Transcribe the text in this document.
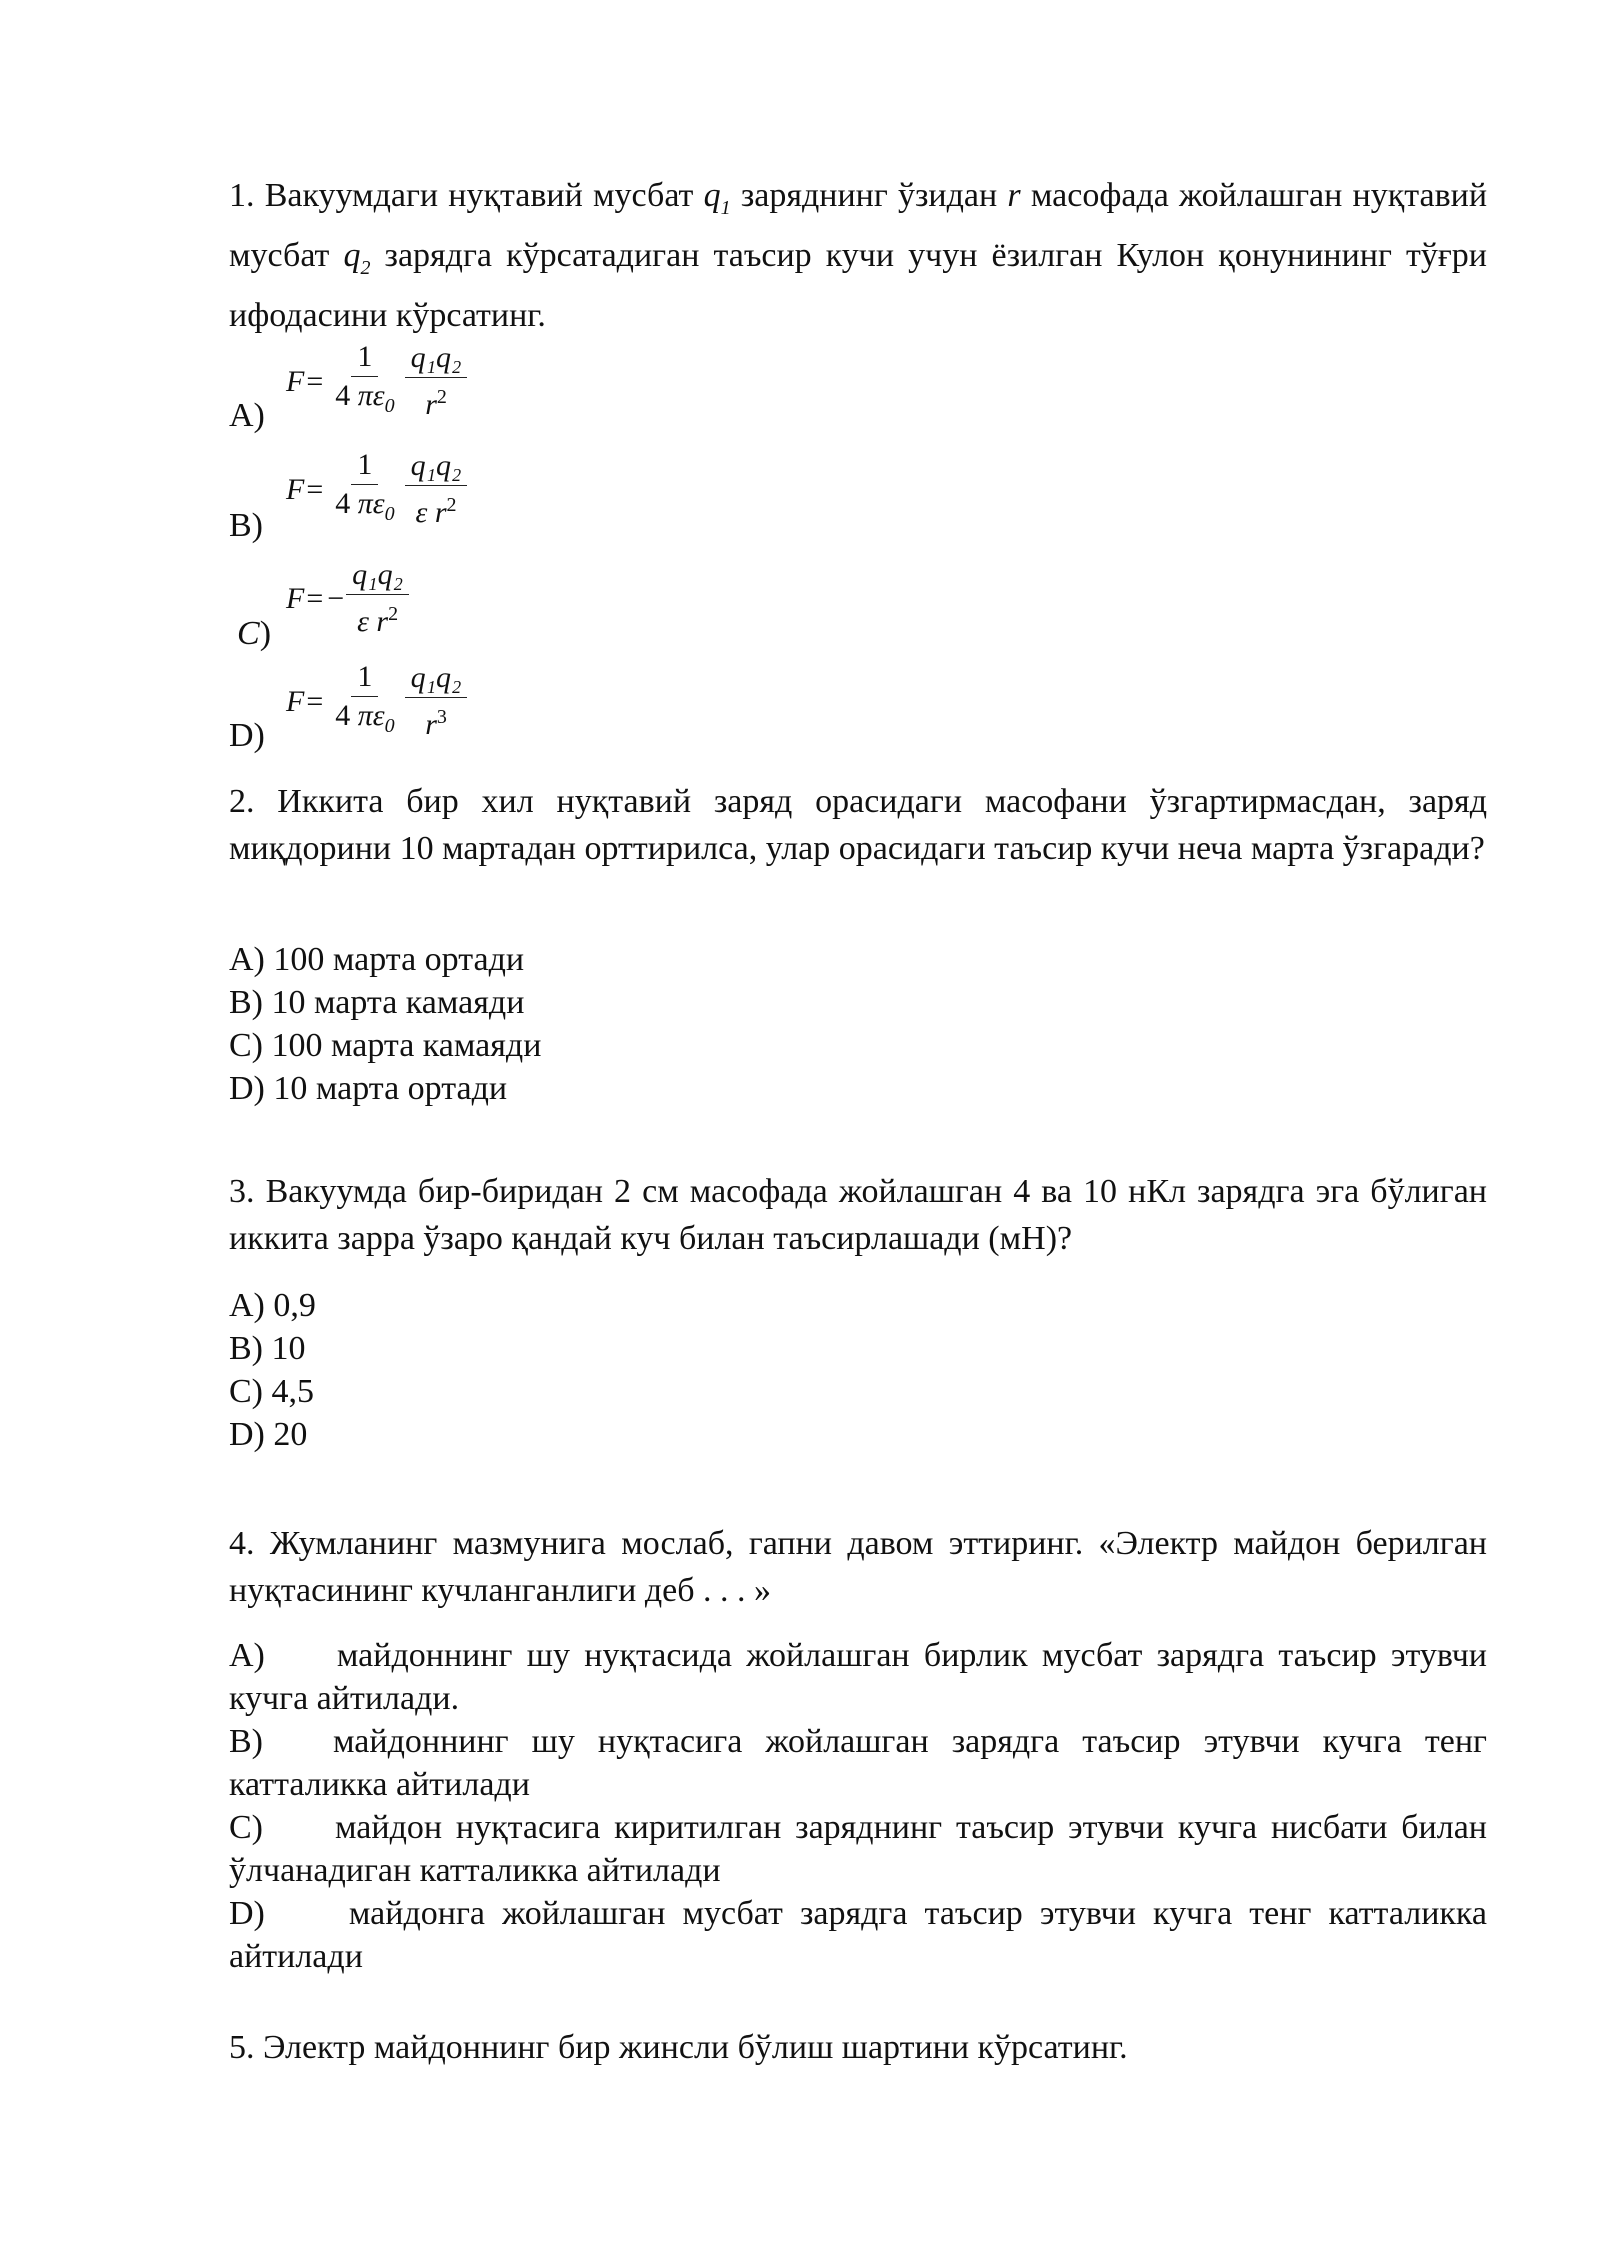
1. Вакуумдаги нуқтавий мусбат $q_1$ заряднинг ўзидан r масофада жойлашган нуқтавий мусбат $q_2$ зарядга кўрсатадиган таъсир кучи учун ёзилган Кулон қонунининг тўғри ифодасини кўрсатинг.
A)
$F = \frac{1}{4 \pi\varepsilon_0} \frac{\text{q₁q₂}}{r^2}$
B)
$F = \frac{1}{4 \pi\varepsilon_0} \frac{\text{q₁q₂}}{\varepsilon r^2}$
C)
F = − $\frac{\text{q₁q₂}}{\varepsilon r^2}$
D)
$F = \frac{1}{4 \pi\varepsilon_0} \frac{\text{q₁q₂}}{r^3}$
2. Иккита бир хил нуқтавий заряд орасидаги масофани ўзгартирмасдан, заряд миқдорини 10 мартадан орттирилса, улар орасидаги таъсир кучи неча марта ўзгаради?
A) 100 марта ортади
B) 10 марта камаяди
C) 100 марта камаяди
D) 10 марта ортади
3. Вакуумда бир-биридан 2 см масофада жойлашган 4 ва 10 нКл зарядга эга бўлиган иккита зарра ўзаро қандай куч билан таъсирлашади (мН)?
A) 0,9
B) 10
C) 4,5
D) 20
4. Жумланинг мазмунига мослаб, гапни давом эттиринг. «Электр майдон берилган нуқтасининг кучланганлиги деб . . . »
A) майдоннинг шу нуқтасида жойлашган бирлик мусбат зарядга таъсир этувчи кучга айтилади.
B) майдоннинг шу нуқтасига жойлашган зарядга таъсир этувчи кучга тенг катталикка айтилади
C) майдон нуқтасига киритилган заряднинг таъсир этувчи кучга нисбати билан ўлчанадиган катталикка айтилади
D) майдонга жойлашган мусбат зарядга таъсир этувчи кучга тенг катталикка айтилади
5. Электр майдоннинг бир жинсли бўлиш шартини кўрсатинг.
